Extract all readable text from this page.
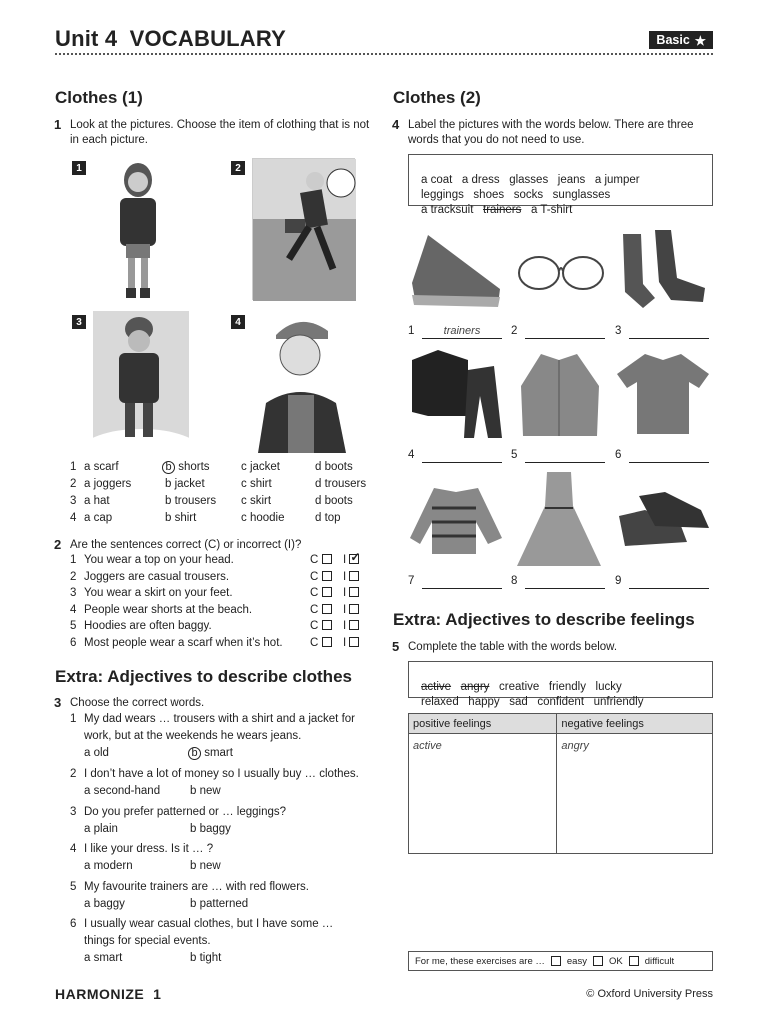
Unit 4 VOCABULARY	Basic ★
Clothes (1)
1 Look at the pictures. Choose the item of clothing that is not in each picture.
1	2
3	4
1 a scarf	b shorts	c jacket	d boots
2 a joggers	b jacket	c shirt	d trousers
3 a hat	b trousers c skirt	d boots
4 a cap	b shirt	c hoodie	d top
2 Are the sentences correct (C) or incorrect (I)?
1 You wear a top on your head.	C	I ✓
2 Joggers are casual trousers.	C	I
3 You wear a skirt on your feet.	C	I
4 People wear shorts at the beach.	C	I
5 Hoodies are often baggy.	C	I
6 Most people wear a scarf when it’s hot. C	I
Extra: Adjectives to describe clothes
3 Choose the correct words.
1 My dad wears … trousers with a shirt and a jacket for
work, but at the weekends he wears jeans.
a old	b smart
2 I don’t have a lot of money so I usually buy … clothes.
a second-hand	b new
3 Do you prefer patterned or … leggings?
a plain	b baggy
4 I like your dress. Is it … ?
a modern	b new
5 My favourite trainers are … with red flowers.
a baggy	b patterned
6 I usually wear casual clothes, but I have some …
things for special events.
a smart	b tight
Clothes (2)
4 Label the pictures with the words below. There are three words that you do not need to use.

a coat   a dress   glasses   jeans   a jumper
leggings   shoes   socks   sunglasses
a tracksuit trainers a T-shirt

trainers
1	2	3
4	5	6
7	8	9
Extra: Adjectives to describe feelings
5 Complete the table with the words below.

active angry creative   friendly   lucky
relaxed   happy   sad   confident   unfriendly

positive feelings	negative feelings
active	angry
For me, these exercises are … easy OK difficult
HARMONIZE 1	© Oxford University Press
